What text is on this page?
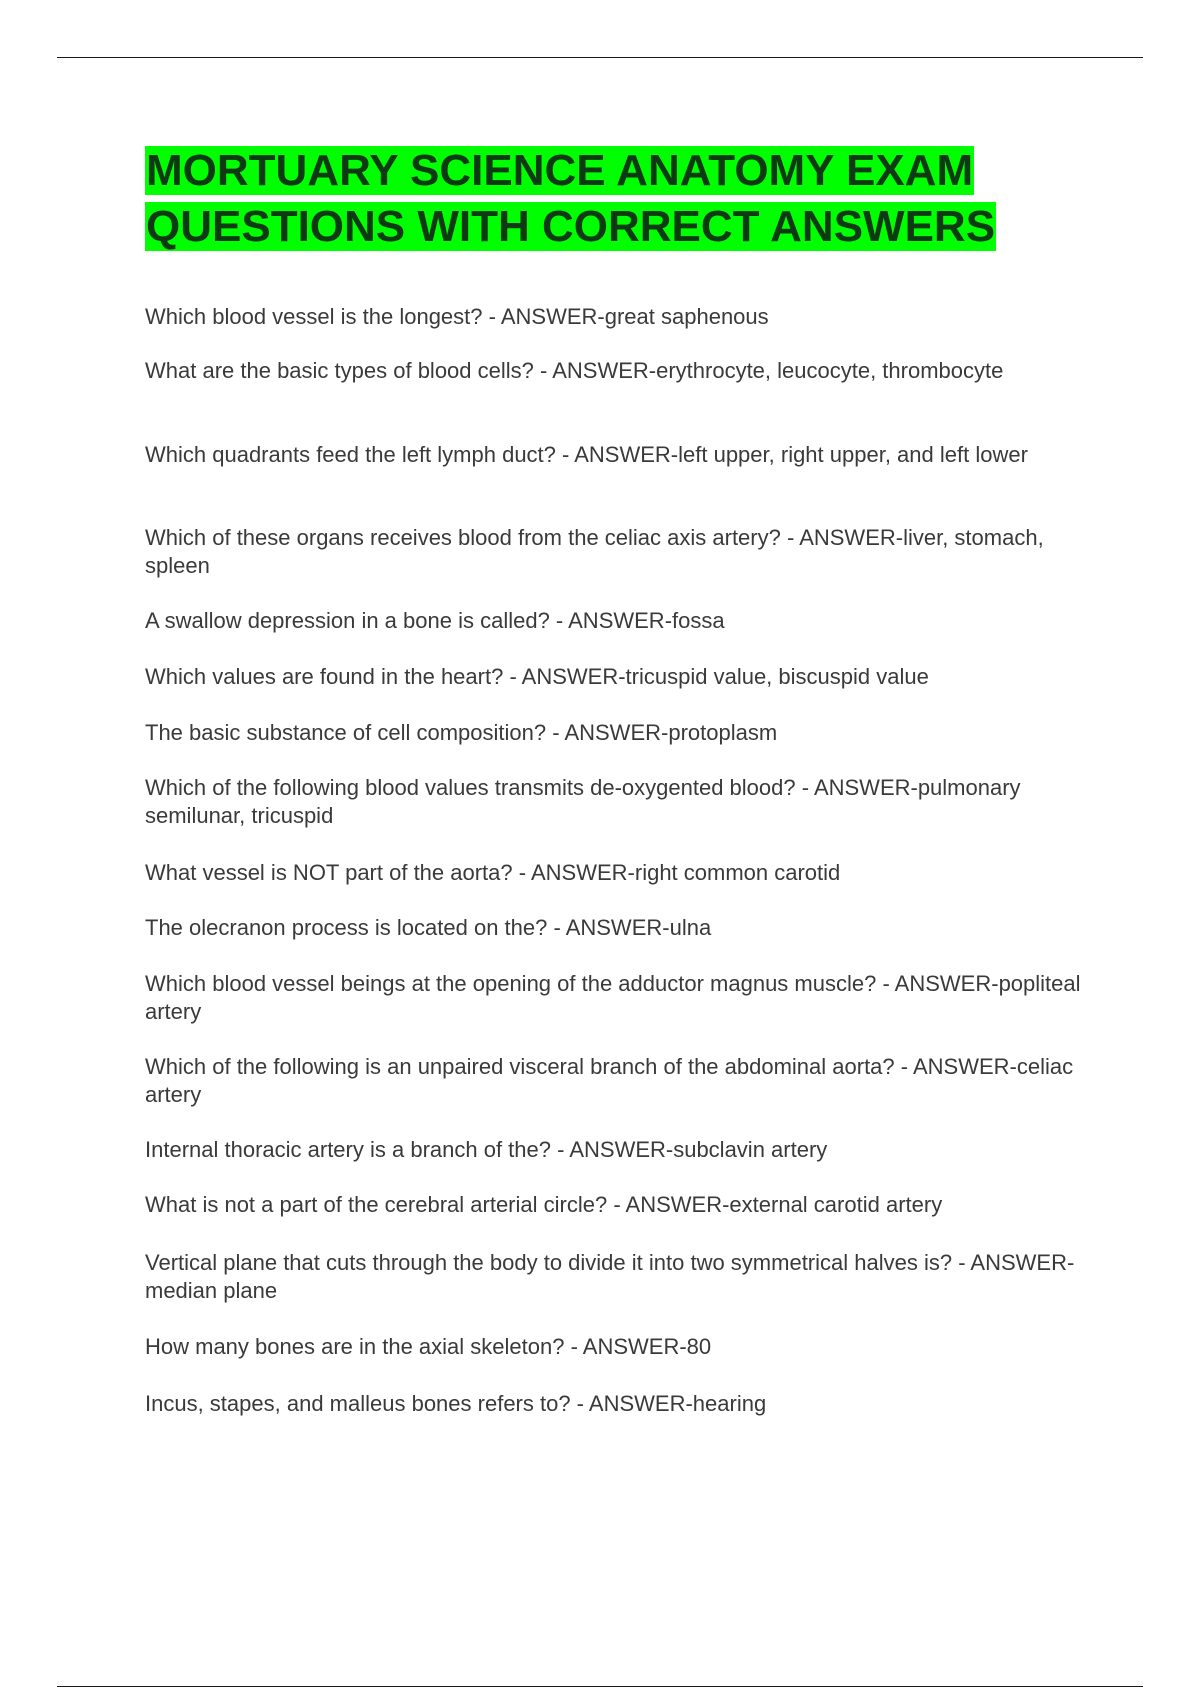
MORTUARY SCIENCE ANATOMY EXAM QUESTIONS WITH CORRECT ANSWERS
Which blood vessel is the longest? - ANSWER-great saphenous
What are the basic types of blood cells? - ANSWER-erythrocyte, leucocyte, thrombocyte
Which quadrants feed the left lymph duct? - ANSWER-left upper, right upper, and left lower
Which of these organs receives blood from the celiac axis artery? - ANSWER-liver, stomach, spleen
A swallow depression in a bone is called? - ANSWER-fossa
Which values are found in the heart? - ANSWER-tricuspid value, biscuspid value
The basic substance of cell composition? - ANSWER-protoplasm
Which of the following blood values transmits de-oxygented blood? - ANSWER-pulmonary semilunar, tricuspid
What vessel is NOT part of the aorta? - ANSWER-right common carotid
The olecranon process is located on the? - ANSWER-ulna
Which blood vessel beings at the opening of the adductor magnus muscle? - ANSWER-popliteal artery
Which of the following is an unpaired visceral branch of the abdominal aorta? - ANSWER-celiac artery
Internal thoracic artery is a branch of the? - ANSWER-subclavin artery
What is not a part of the cerebral arterial circle? - ANSWER-external carotid artery
Vertical plane that cuts through the body to divide it into two symmetrical halves is? - ANSWER-median plane
How many bones are in the axial skeleton? - ANSWER-80
Incus, stapes, and malleus bones refers to? - ANSWER-hearing
